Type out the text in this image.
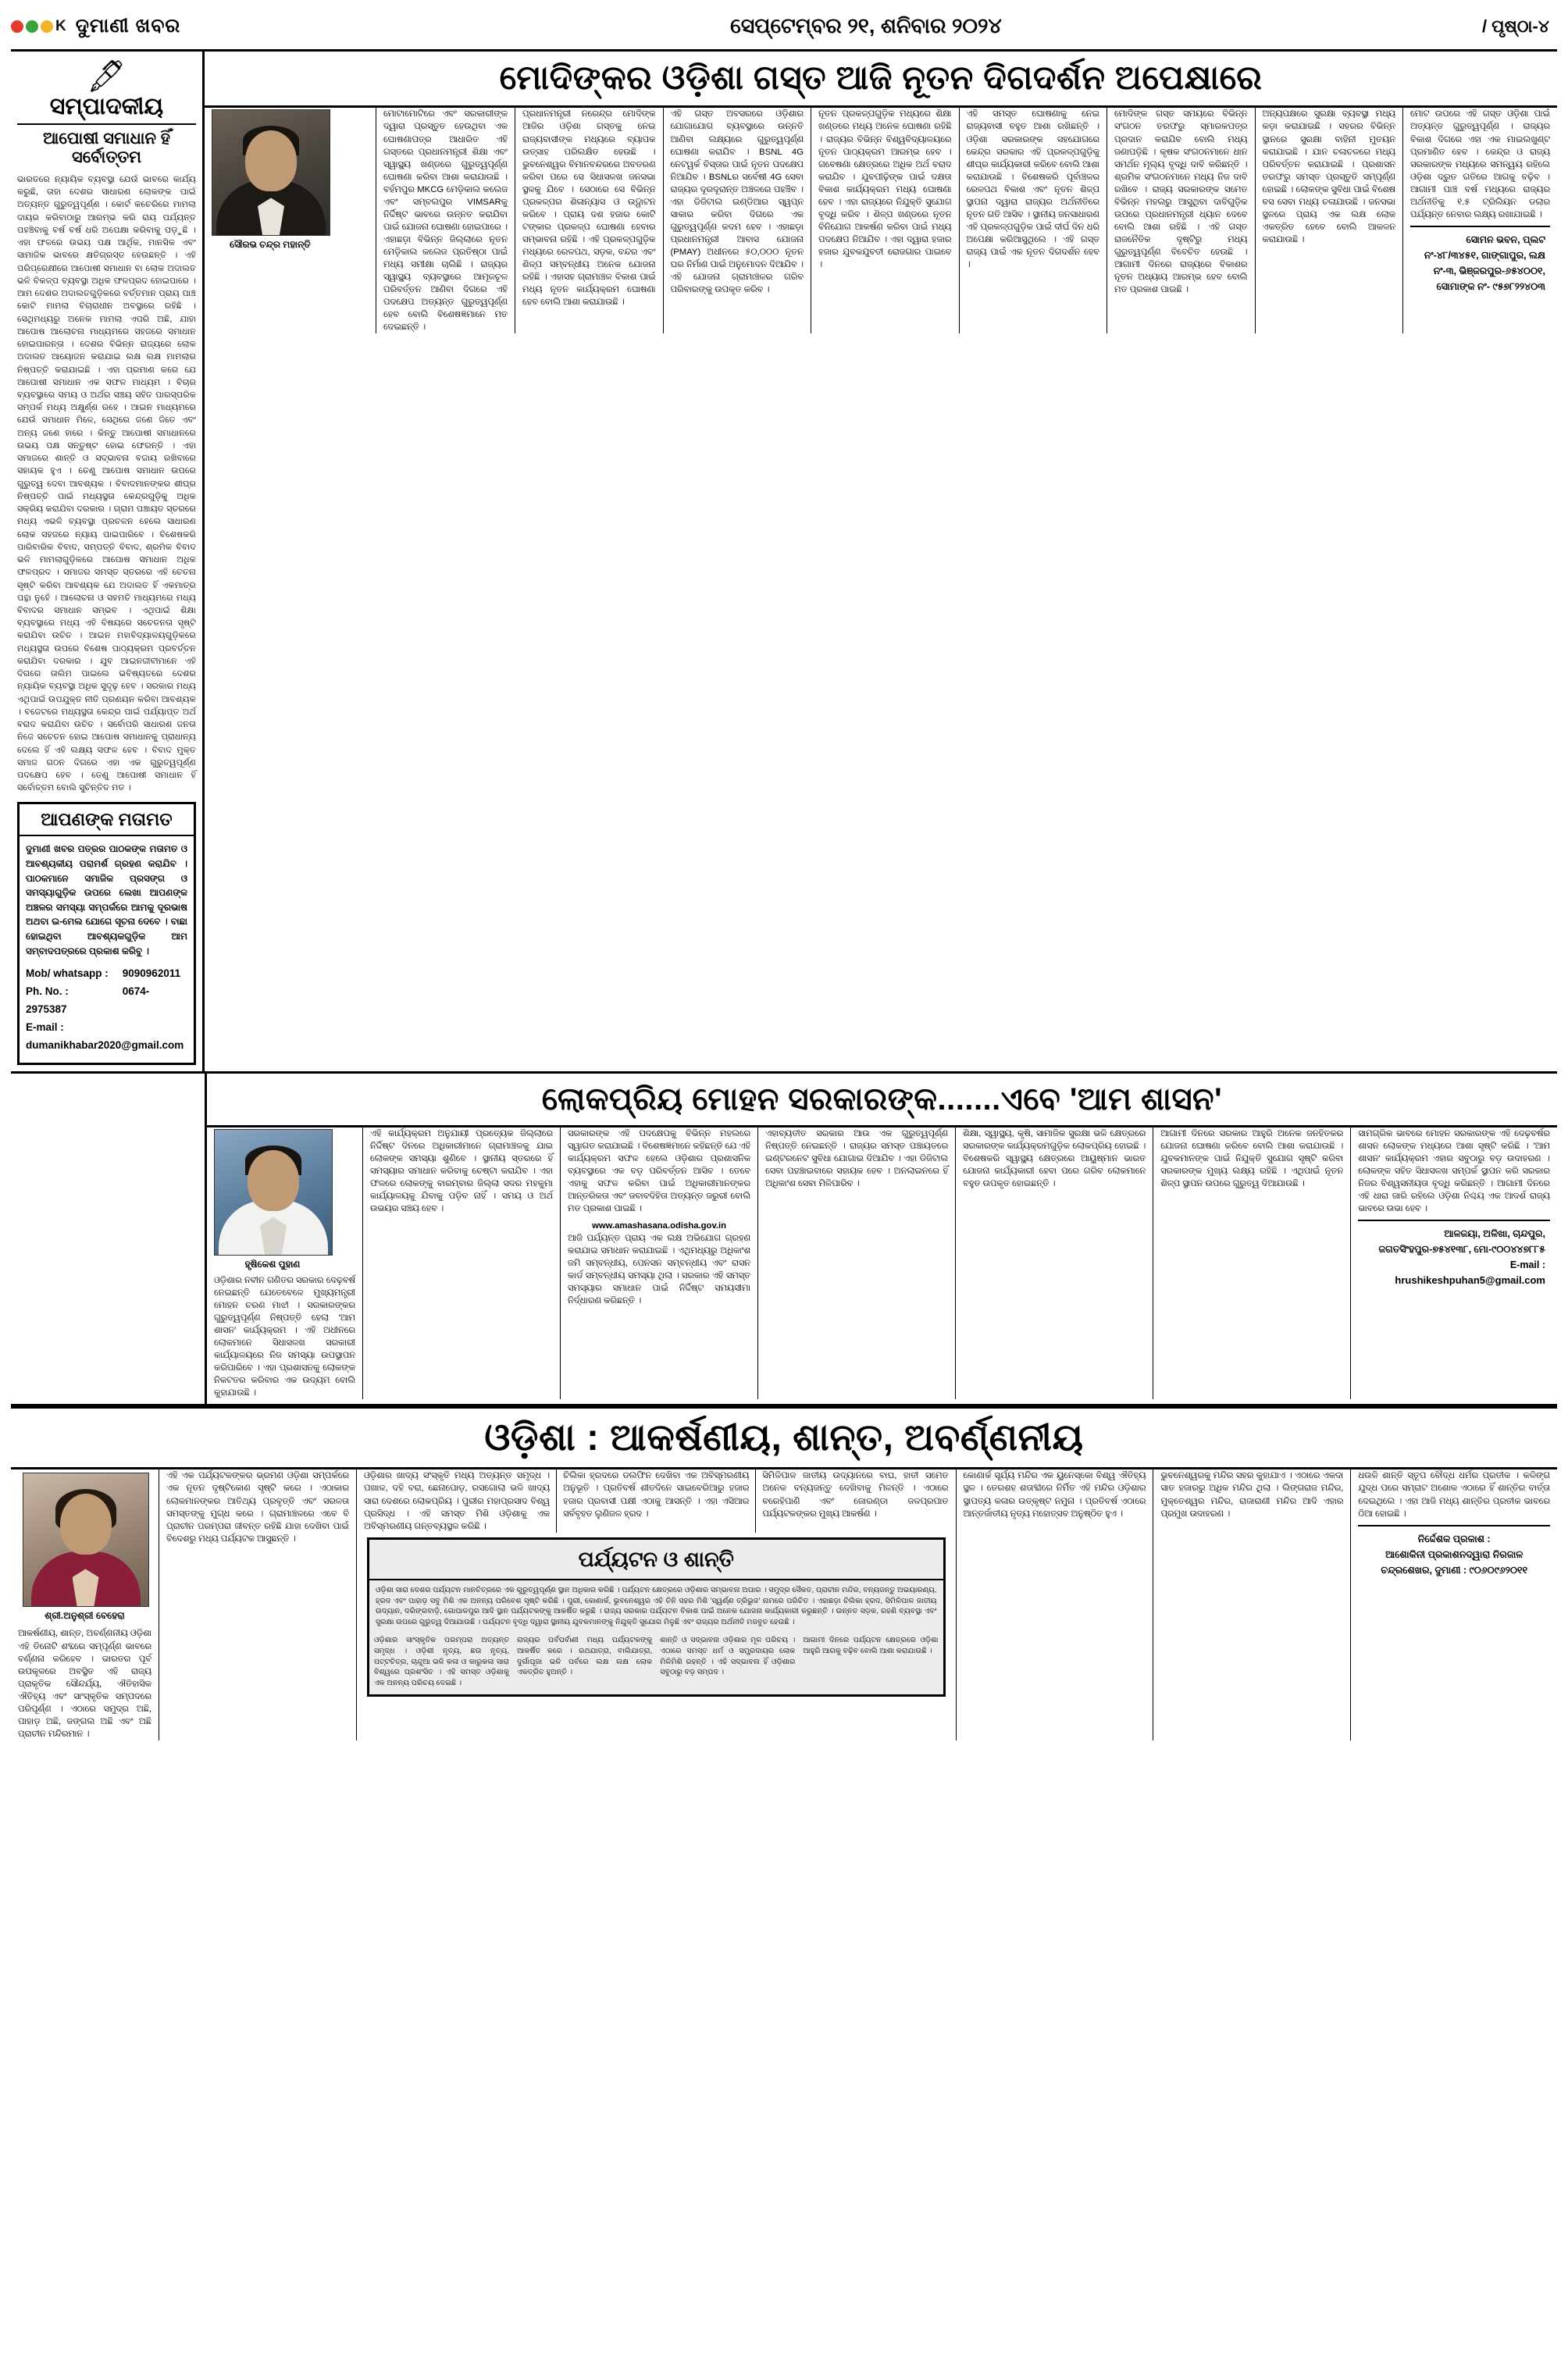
K ଦୁମାଣୀ ଖବର	ସେପ୍ଟେମ୍ବର ୨୧, ଶନିବାର ୨୦୨୪	/ ପୃଷ୍ଠା-୪
🖋
ସମ୍ପାଦକୀୟ
ଆପୋଷୀ ସମାଧାନ ହିଁ ସର୍ବୋତ୍ତମ
ଭାରତରେ ନ୍ୟାୟିକ ବ୍ୟବସ୍ଥା ଯେଉଁ ଭାବରେ କାର୍ଯ୍ୟ କରୁଛି, ତାହା ଦେଶର ସାଧାରଣ ଲୋକଙ୍କ ପାଇଁ ଅତ୍ୟନ୍ତ ଗୁରୁତ୍ୱପୂର୍ଣ୍ଣ । କୋର୍ଟ କଚେରିରେ ମାମଲା ଦାୟର କରିବାଠାରୁ ଆରମ୍ଭ କରି ରାୟ ପର୍ଯ୍ୟନ୍ତ ପହଞ୍ଚିବାକୁ ବର୍ଷ ବର୍ଷ ଧରି ଅପେକ୍ଷା କରିବାକୁ ପଡ଼ୁଛି । ଏହା ଫଳରେ ଉଭୟ ପକ୍ଷ ଆର୍ଥିକ, ମାନସିକ ଏବଂ ସାମାଜିକ ଭାବରେ କ୍ଷତିଗ୍ରସ୍ତ ହେଉଛନ୍ତି । ଏହି ପରିପ୍ରେକ୍ଷୀରେ ଆପୋଷୀ ସମାଧାନ ବା ଲୋକ ଅଦାଲତ ଭଳି ବିକଳ୍ପ ବ୍ୟବସ୍ଥା ଅଧିକ ଫଳପ୍ରଦ ହୋଇପାରେ । ଆମ ଦେଶର ଅଦାଲତଗୁଡ଼ିକରେ ବର୍ତ୍ତମାନ ପ୍ରାୟ ପାଞ୍ଚ କୋଟି ମାମଲା ବିଚାରାଧୀନ ଅବସ୍ଥାରେ ରହିଛି । ସେଥିମଧ୍ୟରୁ ଅନେକ ମାମଲା ଏପରି ଅଛି, ଯାହା ଆପୋଷ ଆଲୋଚନା ମାଧ୍ୟମରେ ସହଜରେ ସମାଧାନ ହୋଇପାରନ୍ତା । ଦେଶର ବିଭିନ୍ନ ରାଜ୍ୟରେ ଲୋକ ଅଦାଲତ ଆୟୋଜନ କରାଯାଇ ଲକ୍ଷ ଲକ୍ଷ ମାମଲାର ନିଷ୍ପତ୍ତି କରାଯାଇଛି । ଏହା ପ୍ରମାଣ କରେ ଯେ ଆପୋଷୀ ସମାଧାନ ଏକ ସଫଳ ମାଧ୍ୟମ । ବିଚାର ବ୍ୟବସ୍ଥାରେ ସମୟ ଓ ଅର୍ଥର ସଞ୍ଚୟ ସହିତ ପାରସ୍ପରିକ ସମ୍ପର୍କ ମଧ୍ୟ ଅକ୍ଷୁର୍ଣ୍ଣ ରହେ । ଆଇନ ମାଧ୍ୟମରେ ଯେଉଁ ସମାଧାନ ମିଳେ, ସେଥିରେ ଜଣେ ଜିତେ ଏବଂ ଅନ୍ୟ ଜଣେ ହାରେ । କିନ୍ତୁ ଆପୋଷୀ ସମାଧାନରେ ଉଭୟ ପକ୍ଷ ସନ୍ତୁଷ୍ଟ ହୋଇ ଫେରନ୍ତି । ଏହା ସମାଜରେ ଶାନ୍ତି ଓ ସଦ୍ଭାବନା ବଜାୟ ରଖିବାରେ ସହାୟକ ହୁଏ । ତେଣୁ ଆପୋଷ ସମାଧାନ ଉପରେ ଗୁରୁତ୍ୱ ଦେବା ଆବଶ୍ୟକ । ବିବାଦମାନଙ୍କର ଶୀଘ୍ର ନିଷ୍ପତ୍ତି ପାଇଁ ମଧ୍ୟସ୍ଥତା କେନ୍ଦ୍ରଗୁଡ଼ିକୁ ଅଧିକ ସକ୍ରିୟ କରାଯିବା ଦରକାର । ଗ୍ରାମ ପଞ୍ଚାୟତ ସ୍ତରରେ ମଧ୍ୟ ଏଭଳି ବ୍ୟବସ୍ଥା ପ୍ରଚଳନ ହେଲେ ସାଧାରଣ ଲୋକ ସହଜରେ ନ୍ୟାୟ ପାଇପାରିବେ । ବିଶେଷକରି ପାରିବାରିକ ବିବାଦ, ସମ୍ପତ୍ତି ବିବାଦ, ଶ୍ରମିକ ବିବାଦ ଭଳି ମାମଲାଗୁଡ଼ିକରେ ଆପୋଷ ସମାଧାନ ଅଧିକ ଫଳପ୍ରଦ । ସମାଜର ସମସ୍ତ ସ୍ତରରେ ଏହି ଚେତନା ସୃଷ୍ଟି କରିବା ଆବଶ୍ୟକ ଯେ ଅଦାଲତ ହିଁ ଏକମାତ୍ର ପନ୍ଥା ନୁହେଁ । ଆଲୋଚନା ଓ ସହମତି ମାଧ୍ୟମରେ ମଧ୍ୟ ବିବାଦର ସମାଧାନ ସମ୍ଭବ । ଏଥିପାଇଁ ଶିକ୍ଷା ବ୍ୟବସ୍ଥାରେ ମଧ୍ୟ ଏହି ବିଷୟରେ ସଚେତନତା ସୃଷ୍ଟି କରାଯିବା ଉଚିତ । ଆଇନ ମହାବିଦ୍ୟାଳୟଗୁଡ଼ିକରେ ମଧ୍ୟସ୍ଥତା ଉପରେ ବିଶେଷ ପାଠ୍ୟକ୍ରମ ପ୍ରବର୍ତ୍ତନ କରାଯିବା ଦରକାର । ଯୁବ ଆଇନଜୀବୀମାନେ ଏହି ଦିଗରେ ତାଲିମ ପାଇଲେ ଭବିଷ୍ୟତରେ ଦେଶର ନ୍ୟାୟିକ ବ୍ୟବସ୍ଥା ଅଧିକ ସୁଦୃଢ଼ ହେବ । ସରକାର ମଧ୍ୟ ଏଥିପାଇଁ ଉପଯୁକ୍ତ ନୀତି ପ୍ରଣୟନ କରିବା ଆବଶ୍ୟକ । ବଜେଟରେ ମଧ୍ୟସ୍ଥତା କେନ୍ଦ୍ର ପାଇଁ ପର୍ଯ୍ୟାପ୍ତ ଅର୍ଥ ବରାଦ କରାଯିବା ଉଚିତ । ସର୍ବୋପରି ସାଧାରଣ ଜନତା ନିଜେ ସଚେତନ ହୋଇ ଆପୋଷ ସମାଧାନକୁ ପ୍ରାଧାନ୍ୟ ଦେଲେ ହିଁ ଏହି ଲକ୍ଷ୍ୟ ସଫଳ ହେବ । ବିବାଦ ମୁକ୍ତ ସମାଜ ଗଠନ ଦିଗରେ ଏହା ଏକ ଗୁରୁତ୍ୱପୂର୍ଣ୍ଣ ପଦକ୍ଷେପ ହେବ । ତେଣୁ ଆପୋଷୀ ସମାଧାନ ହିଁ ସର୍ବୋତ୍ତମ ବୋଲି ସୁଚିନ୍ତିତ ମତ ।
ଆପଣଙ୍କ ମତାମତ
ଦୁମାଣୀ ଖବର ପତ୍ରର ପାଠକଙ୍କ ମତାମତ ଓ ଆବଶ୍ୟକୀୟ ପରାମର୍ଶ ଗ୍ରହଣ କରାଯିବ । ପାଠକମାନେ ସମାଜିକ ପ୍ରସଙ୍ଗ ଓ ସମସ୍ୟାଗୁଡ଼ିକ ଉପରେ ଲେଖା ଆପଣଙ୍କ ଅଞ୍ଚଳର ସମସ୍ୟା ସମ୍ପର୍କରେ ଆମକୁ ଦୂରଭାଷ ଅଥବା ଇ-ମେଲ ଯୋଗେ ସୂଚନା ଦେବେ । ବାଛା ହୋଇଥିବା ଆବଶ୍ୟକଗୁଡ଼ିକ ଆମ ସମ୍ବାଦପତ୍ରରେ ପ୍ରକାଶ କରିବୁ ।
Mob/ whatsapp : 9090962011
Ph. No. :	0674-2975387
E-mail : dumanikhabar2020@gmail.com
ମୋଦିଙ୍କର ଓଡ଼ିଶା ଗସ୍ତ ଆଜି ନୂତନ ଦିଗଦର୍ଶନ ଅପେକ୍ଷାରେ
ସୌରଭ ଚନ୍ଦ୍ର ମହାନ୍ତି
ମୋଟାମୋଟିରେ ଏବଂ ସରକାରୀଙ୍କ ଦ୍ୱାରା ପ୍ରସ୍ତୁତ ହେଉଥିବା ଏକ ଘୋଷଣାପତ୍ର ଆଧାରିତ ଏହି ଗସ୍ତରେ ପ୍ରଧାନମନ୍ତ୍ରୀ ଶିକ୍ଷା ଏବଂ ସ୍ୱାସ୍ଥ୍ୟ ଖଣ୍ଡରେ ଗୁରୁତ୍ୱପୂର୍ଣ୍ଣ ଘୋଷଣା କରିବା ଆଶା କରାଯାଉଛି । ବର୍ହମପୁର MKCG ମେଡ଼ିକାଲ କଲେଜ ଏବଂ ସମ୍ବଲପୁର VIMSARକୁ ନିର୍ଦ୍ଦିଷ୍ଟ ଭାବରେ ଉନ୍ନତ କରାଯିବା ପାଇଁ ଯୋଜନା ଘୋଷଣା ହୋଇପାରେ । ଏହାଛଡ଼ା ବିଭିନ୍ନ ଜିଲ୍ଲାରେ ନୂତନ ମେଡ଼ିକାଲ କଲେଜ ପ୍ରତିଷ୍ଠା ପାଇଁ ମଧ୍ୟ ସମୀକ୍ଷା ଚାଲିଛି । ରାଜ୍ୟର ସ୍ୱାସ୍ଥ୍ୟ ବ୍ୟବସ୍ଥାରେ ଆମୂଳଚୂଳ ପରିବର୍ତ୍ତନ ଆଣିବା ଦିଗରେ ଏହି ପଦକ୍ଷେପ ଅତ୍ୟନ୍ତ ଗୁରୁତ୍ୱପୂର୍ଣ୍ଣ ହେବ ବୋଲି ବିଶେଷଜ୍ଞମାନେ ମତ ଦେଇଛନ୍ତି ।
ପ୍ରଧାନମନ୍ତ୍ରୀ ନରେନ୍ଦ୍ର ମୋଦିଙ୍କ ଆଜିର ଓଡ଼ିଶା ଗସ୍ତକୁ ନେଇ ରାଜ୍ୟବାସୀଙ୍କ ମଧ୍ୟରେ ବ୍ୟାପକ ଉତ୍ସାହ ପରିଲକ୍ଷିତ ହେଉଛି । ଭୁବନେଶ୍ୱର ବିମାନବନ୍ଦରରେ ଅବତରଣ କରିବା ପରେ ସେ ସିଧାସଳଖ ଜନସଭା ସ୍ଥଳକୁ ଯିବେ । ସେଠାରେ ସେ ବିଭିନ୍ନ ପ୍ରକଳ୍ପର ଶିଳାନ୍ୟାସ ଓ ଉଦ୍ଘାଟନ କରିବେ । ପ୍ରାୟ ଦଶ ହଜାର କୋଟି ଟଙ୍କାର ପ୍ରକଳ୍ପ ଘୋଷଣା ହେବାର ସମ୍ଭାବନା ରହିଛି । ଏହି ପ୍ରକଳ୍ପଗୁଡ଼ିକ ମଧ୍ୟରେ ରେଳପଥ, ସଡ଼କ, ବନ୍ଦର ଏବଂ ଶିଳ୍ପ ସମ୍ବନ୍ଧୀୟ ଅନେକ ଯୋଜନା ରହିଛି । ଏହାସହ ଗ୍ରାମାଞ୍ଚଳ ବିକାଶ ପାଇଁ ମଧ୍ୟ ନୂତନ କାର୍ଯ୍ୟକ୍ରମ ଘୋଷଣା ହେବ ବୋଲି ଆଶା କରାଯାଉଛି ।
ଏହି ଗସ୍ତ ଅବସରରେ ଓଡ଼ିଶାର ଯୋଗାଯୋଗ ବ୍ୟବସ୍ଥାରେ ଉନ୍ନତି ଆଣିବା ଲକ୍ଷ୍ୟରେ ଗୁରୁତ୍ୱପୂର୍ଣ୍ଣ ଘୋଷଣା କରାଯିବ । BSNL 4G ନେଟୱର୍କ ବିସ୍ତାର ପାଇଁ ନୂତନ ପଦକ୍ଷେପ ନିଆଯିବ । BSNLର ସର୍ବେଷୀ 4G ସେବା ରାଜ୍ୟର ଦୂରଦୂରାନ୍ତ ଅଞ୍ଚଳରେ ପହଞ୍ଚିବ । ଏହା ଡିଜିଟାଲ ଇଣ୍ଡିଆର ସ୍ୱପ୍ନ ସାକାର କରିବା ଦିଗରେ ଏକ ଗୁରୁତ୍ୱପୂର୍ଣ୍ଣ କଦମ ହେବ । ଏହାଛଡ଼ା ପ୍ରଧାନମନ୍ତ୍ରୀ ଆବାସ ଯୋଜନା (PMAY) ଅଧୀନରେ ୫୦,୦୦୦ ନୂତନ ଘର ନିର୍ମାଣ ପାଇଁ ଅନୁମୋଦନ ଦିଆଯିବ । ଏହି ଯୋଜନା ଗ୍ରାମାଞ୍ଚଳର ଗରିବ ପରିବାରଙ୍କୁ ଉପକୃତ କରିବ ।
ନୂତନ ପ୍ରକଳ୍ପଗୁଡ଼ିକ ମଧ୍ୟରେ ଶିକ୍ଷା ଖଣ୍ଡରେ ମଧ୍ୟ ଅନେକ ଘୋଷଣା ରହିଛି । ରାଜ୍ୟର ବିଭିନ୍ନ ବିଶ୍ୱବିଦ୍ୟାଳୟରେ ନୂତନ ପାଠ୍ୟକ୍ରମ ଆରମ୍ଭ ହେବ । ଗବେଷଣା କ୍ଷେତ୍ରରେ ଅଧିକ ଅର୍ଥ ବରାଦ କରାଯିବ । ଯୁବପୀଢ଼ିଙ୍କ ପାଇଁ ଦକ୍ଷତା ବିକାଶ କାର୍ଯ୍ୟକ୍ରମ ମଧ୍ୟ ଘୋଷଣା ହେବ । ଏହା ରାଜ୍ୟରେ ନିଯୁକ୍ତି ସୁଯୋଗ ବୃଦ୍ଧି କରିବ । ଶିଳ୍ପ ଖଣ୍ଡରେ ନୂତନ ବିନିଯୋଗ ଆକର୍ଷଣ କରିବା ପାଇଁ ମଧ୍ୟ ପଦକ୍ଷେପ ନିଆଯିବ । ଏହା ଦ୍ୱାରା ହଜାର ହଜାର ଯୁବକଯୁବତୀ ରୋଜଗାର ପାଇବେ ।
ଏହି ସମସ୍ତ ଘୋଷଣାକୁ ନେଇ ରାଜ୍ୟବାସୀ ବହୁତ ଆଶା ରଖିଛନ୍ତି । ଓଡ଼ିଶା ସରକାରଙ୍କ ସହଯୋଗରେ କେନ୍ଦ୍ର ସରକାର ଏହି ପ୍ରକଳ୍ପଗୁଡ଼ିକୁ ଶୀଘ୍ର କାର୍ଯ୍ୟକାରୀ କରିବେ ବୋଲି ଆଶା କରାଯାଉଛି । ବିଶେଷକରି ପୂର୍ବାଞ୍ଚଳର ରେଳପଥ ବିକାଶ ଏବଂ ନୂତନ ଶିଳ୍ପ ସ୍ଥାପନା ଦ୍ୱାରା ରାଜ୍ୟର ଅର୍ଥନୀତିରେ ନୂତନ ଗତି ଆସିବ । ସ୍ଥାନୀୟ ଜନସାଧାରଣ ଏହି ପ୍ରକଳ୍ପଗୁଡ଼ିକ ପାଇଁ ଦୀର୍ଘ ଦିନ ଧରି ଅପେକ୍ଷା କରିଆସୁଥିଲେ । ଏହି ଗସ୍ତ ରାଜ୍ୟ ପାଇଁ ଏକ ନୂତନ ଦିଗଦର୍ଶନ ହେବ ।
ମୋଦିଙ୍କ ଗସ୍ତ ସମୟରେ ବିଭିନ୍ନ ସଂଗଠନ ତରଫରୁ ସ୍ମାରକପତ୍ର ପ୍ରଦାନ କରାଯିବ ବୋଲି ମଧ୍ୟ ଜଣାପଡ଼ିଛି । କୃଷକ ସଂଗଠନମାନେ ଧାନ ସମର୍ଥନ ମୂଲ୍ୟ ବୃଦ୍ଧି ଦାବି କରିଛନ୍ତି । ଶ୍ରମିକ ସଂଗଠନମାନେ ମଧ୍ୟ ନିଜ ଦାବି ରଖିବେ । ରାଜ୍ୟ ସରକାରଙ୍କ ସମେତ ବିଭିନ୍ନ ମହଲରୁ ଆସୁଥିବା ଦାବିଗୁଡ଼ିକ ଉପରେ ପ୍ରଧାନମନ୍ତ୍ରୀ ଧ୍ୟାନ ଦେବେ ବୋଲି ଆଶା ରହିଛି । ଏହି ଗସ୍ତ ରାଜନୈତିକ ଦୃଷ୍ଟିରୁ ମଧ୍ୟ ଗୁରୁତ୍ୱପୂର୍ଣ୍ଣ ବିବେଚିତ ହେଉଛି । ଆଗାମୀ ଦିନରେ ରାଜ୍ୟରେ ବିକାଶର ନୂତନ ଅଧ୍ୟାୟ ଆରମ୍ଭ ହେବ ବୋଲି ମତ ପ୍ରକାଶ ପାଇଛି ।
ଅନ୍ୟପକ୍ଷରେ ସୁରକ୍ଷା ବ୍ୟବସ୍ଥା ମଧ୍ୟ କଡ଼ା କରାଯାଇଛି । ସହରର ବିଭିନ୍ନ ସ୍ଥାନରେ ସୁରକ୍ଷା ବାହିନୀ ମୁତୟନ କରାଯାଇଛି । ଯାନ ଚଳାଚଳରେ ମଧ୍ୟ ପରିବର୍ତ୍ତନ କରାଯାଇଛି । ପ୍ରଶାସନ ତରଫରୁ ସମସ୍ତ ପ୍ରସ୍ତୁତି ସମ୍ପୂର୍ଣ୍ଣ ହୋଇଛି । ଲୋକଙ୍କ ସୁବିଧା ପାଇଁ ବିଶେଷ ବସ ସେବା ମଧ୍ୟ ଚଳାଯାଉଛି । ଜନସଭା ସ୍ଥଳରେ ପ୍ରାୟ ଏକ ଲକ୍ଷ ଲୋକ ଏକତ୍ରିତ ହେବେ ବୋଲି ଆକଳନ କରାଯାଉଛି ।
ମୋଟ ଉପରେ ଏହି ଗସ୍ତ ଓଡ଼ିଶା ପାଇଁ ଅତ୍ୟନ୍ତ ଗୁରୁତ୍ୱପୂର୍ଣ୍ଣ । ରାଜ୍ୟର ବିକାଶ ଦିଗରେ ଏହା ଏକ ମାଇଲଖୁଣ୍ଟ ପ୍ରମାଣିତ ହେବ । କେନ୍ଦ୍ର ଓ ରାଜ୍ୟ ସରକାରଙ୍କ ମଧ୍ୟରେ ସମନ୍ୱୟ ରହିଲେ ଓଡ଼ିଶା ଦ୍ରୁତ ଗତିରେ ଆଗକୁ ବଢ଼ିବ । ଆଗାମୀ ପାଞ୍ଚ ବର୍ଷ ମଧ୍ୟରେ ରାଜ୍ୟର ଅର୍ଥନୀତିକୁ ୧.୫ ଟ୍ରିଲିୟନ ଡଲାର ପର୍ଯ୍ୟନ୍ତ ନେବାର ଲକ୍ଷ୍ୟ ରଖାଯାଇଛି ।
ସୋମନ ଭବନ, ପ୍ଲଟ ନଂ-୪୮/୩୪୫୧, ଗାଙ୍ଗାପୁର, ଲକ୍ଷ ନଂ-୩, ଭିଞ୍ଜରପୁର-୬୫୪୦୦୧, ସୋମାଙ୍କ ନଂ- ୯୫୭୮୨୨୪୦୩
ଲୋକପ୍ରିୟ ମୋହନ ସରକାରଙ୍କ.......ଏବେ 'ଆମ ଶାସନ'
ହୃଷିକେଶ ପୁହାଣ
ଓଡ଼ିଶାର ନବୀନ ଗଣିତର ସରକାର ଦେଢ଼ବର୍ଷ ନେଇଛନ୍ତି ଯେତେବେଳେ ମୁଖ୍ୟମନ୍ତ୍ରୀ ମୋହନ ଚରଣ ମାଝୀ । ସରକାରଙ୍କର ଗୁରୁତ୍ୱପୂର୍ଣ୍ଣ ନିଷ୍ପତ୍ତି ହେଲା 'ଆମ ଶାସନ' କାର୍ଯ୍ୟକ୍ରମ । ଏହି ଅଧୀନରେ ଲୋକମାନେ ସିଧାସଳଖ ସରକାରୀ କାର୍ଯ୍ୟାଳୟରେ ନିଜ ସମସ୍ୟା ଉପସ୍ଥାପନ କରିପାରିବେ । ଏହା ପ୍ରଶାସନକୁ ଲୋକଙ୍କ ନିକଟତର କରିବାର ଏକ ଉଦ୍ୟମ ବୋଲି କୁହାଯାଉଛି ।
ଏହି କାର୍ଯ୍ୟକ୍ରମ ଅନୁଯାୟୀ ପ୍ରତ୍ୟେକ ଜିଲ୍ଲାରେ ନିର୍ଦ୍ଦିଷ୍ଟ ଦିନରେ ଅଧିକାରୀମାନେ ଗ୍ରାମାଞ୍ଚଳକୁ ଯାଇ ଲୋକଙ୍କ ସମସ୍ୟା ଶୁଣିବେ । ସ୍ଥାନୀୟ ସ୍ତରରେ ହିଁ ସମସ୍ୟାର ସମାଧାନ କରିବାକୁ ଚେଷ୍ଟା କରାଯିବ । ଏହା ଫଳରେ ଲୋକଙ୍କୁ ବାରମ୍ବାର ଜିଲ୍ଲା ସଦର ମହକୁମା କାର୍ଯ୍ୟାଳୟକୁ ଯିବାକୁ ପଡ଼ିବ ନାହିଁ । ସମୟ ଓ ଅର୍ଥ ଉଭୟର ସଞ୍ଚୟ ହେବ ।
ସରକାରଙ୍କ ଏହି ପଦକ୍ଷେପକୁ ବିଭିନ୍ନ ମହଲରେ ସ୍ୱାଗତ କରାଯାଇଛି । ବିଶେଷଜ୍ଞମାନେ କହିଛନ୍ତି ଯେ ଏହି କାର୍ଯ୍ୟକ୍ରମ ସଫଳ ହେଲେ ଓଡ଼ିଶାର ପ୍ରଶାସନିକ ବ୍ୟବସ୍ଥାରେ ଏକ ବଡ଼ ପରିବର୍ତ୍ତନ ଆସିବ । ତେବେ ଏହାକୁ ସଫଳ କରିବା ପାଇଁ ଅଧିକାରୀମାନଙ୍କର ଆନ୍ତରିକତା ଏବଂ ଜବାବଦିହିତା ଅତ୍ୟନ୍ତ ଜରୁରୀ ବୋଲି ମତ ପ୍ରକାଶ ପାଇଛି ।
www.amashasana.odisha.gov.in
ଆଜି ପର୍ଯ୍ୟନ୍ତ ପ୍ରାୟ ଏକ ଲକ୍ଷ ଅଭିଯୋଗ ଗ୍ରହଣ କରାଯାଇ ସମାଧାନ କରାଯାଇଛି । ଏଥିମଧ୍ୟରୁ ଅଧିକାଂଶ ଜମି ସମ୍ବନ୍ଧୀୟ, ପେନସନ ସମ୍ବନ୍ଧୀୟ ଏବଂ ରାସନ କାର୍ଡ ସମ୍ବନ୍ଧୀୟ ସମସ୍ୟା ଥିଲା । ସରକାର ଏହି ସମସ୍ତ ସମସ୍ୟାର ସମାଧାନ ପାଇଁ ନିର୍ଦ୍ଦିଷ୍ଟ ସମୟସୀମା ନିର୍ଦ୍ଧାରଣ କରିଛନ୍ତି ।
ଏହାବ୍ୟତୀତ ସରକାର ଆଉ ଏକ ଗୁରୁତ୍ୱପୂର୍ଣ୍ଣ ନିଷ୍ପତ୍ତି ନେଇଛନ୍ତି । ରାଜ୍ୟର ସମସ୍ତ ପଞ୍ଚାୟତରେ ଇଣ୍ଟରନେଟ ସୁବିଧା ଯୋଗାଇ ଦିଆଯିବ । ଏହା ଡିଜିଟାଲ ସେବା ପହଞ୍ଚାଇବାରେ ସହାୟକ ହେବ । ଅନଲାଇନରେ ହିଁ ଅଧିକାଂଶ ସେବା ମିଳିପାରିବ ।
ଶିକ୍ଷା, ସ୍ୱାସ୍ଥ୍ୟ, କୃଷି, ସାମାଜିକ ସୁରକ୍ଷା ଭଳି କ୍ଷେତ୍ରରେ ସରକାରଙ୍କ କାର୍ଯ୍ୟକ୍ରମଗୁଡ଼ିକ ଲୋକପ୍ରିୟ ହୋଇଛି । ବିଶେଷକରି ସ୍ୱାସ୍ଥ୍ୟ କ୍ଷେତ୍ରରେ ଆୟୁଷ୍ମାନ ଭାରତ ଯୋଜନା କାର୍ଯ୍ୟକାରୀ ହେବା ପରେ ଗରିବ ଲୋକମାନେ ବହୁତ ଉପକୃତ ହୋଇଛନ୍ତି ।
ଆଗାମୀ ଦିନରେ ସରକାର ଆହୁରି ଅନେକ ଜନହିତକର ଯୋଜନା ଘୋଷଣା କରିବେ ବୋଲି ଆଶା କରାଯାଉଛି । ଯୁବକମାନଙ୍କ ପାଇଁ ନିଯୁକ୍ତି ସୁଯୋଗ ସୃଷ୍ଟି କରିବା ସରକାରଙ୍କ ମୁଖ୍ୟ ଲକ୍ଷ୍ୟ ରହିଛି । ଏଥିପାଇଁ ନୂତନ ଶିଳ୍ପ ସ୍ଥାପନ ଉପରେ ଗୁରୁତ୍ୱ ଦିଆଯାଉଛି ।
ସାମଗ୍ରିକ ଭାବରେ ମୋହନ ସରକାରଙ୍କ ଏହି ଦେଢ଼ବର୍ଷର ଶାସନ ଲୋକଙ୍କ ମଧ୍ୟରେ ଆଶା ସୃଷ୍ଟି କରିଛି । 'ଆମ ଶାସନ' କାର୍ଯ୍ୟକ୍ରମ ଏହାର ସବୁଠାରୁ ବଡ଼ ଉଦାହରଣ । ଲୋକଙ୍କ ସହିତ ସିଧାସଳଖ ସମ୍ପର୍କ ସ୍ଥାପନ କରି ସରକାର ନିଜର ବିଶ୍ୱସନୀୟତା ବୃଦ୍ଧି କରିଛନ୍ତି । ଆଗାମୀ ଦିନରେ ଏହି ଧାରା ଜାରି ରହିଲେ ଓଡ଼ିଶା ନିଶ୍ଚୟ ଏକ ଆଦର୍ଶ ରାଜ୍ୟ ଭାବରେ ଉଭା ହେବ ।
ଆଳଜୟା, ଅଳିଖା, ଚାନ୍ଦପୁର, ଜଗତସିଂହପୁର-୭୫୪୧୩୮, ମୋ-୯୦୦୪୪୭୮୮୫
E-mail :
hrushikeshpuhan5@gmail.com
ଓଡ଼ିଶା : ଆକର୍ଷଣୀୟ, ଶାନ୍ତ, ଅବର୍ଣ୍ଣନୀୟ
ଶ୍ରୀ.ଅନୁଶ୍ରୀ ବେହେରା
ଆକର୍ଷଣୀୟ, ଶାନ୍ତ, ଅବର୍ଣ୍ଣନୀୟ ଓଡ଼ିଶା ଏହି ତିନୋଟି ଶବ୍ଦରେ ସମ୍ପୂର୍ଣ୍ଣ ଭାବରେ ବର୍ଣ୍ଣନା କରିହେବ । ଭାରତର ପୂର୍ବ ଉପକୂଳରେ ଅବସ୍ଥିତ ଏହି ରାଜ୍ୟ ପ୍ରାକୃତିକ ସୌନ୍ଦର୍ଯ୍ୟ, ଐତିହାସିକ ଐତିହ୍ୟ ଏବଂ ସାଂସ୍କୃତିକ ସମ୍ପଦରେ ପରିପୂର୍ଣ୍ଣ । ଏଠାରେ ସମୁଦ୍ର ଅଛି, ପାହାଡ଼ ଅଛି, ଜଙ୍ଗଲ ଅଛି ଏବଂ ଅଛି ପ୍ରାଚୀନ ମନ୍ଦିରମାନ ।
ଏହି ଏକ ପର୍ଯ୍ୟଟକଙ୍କର ଭ୍ରମଣ ଓଡ଼ିଶା ସମ୍ପର୍କରେ ଏକ ନୂତନ ଦୃଷ୍ଟିକୋଣ ସୃଷ୍ଟି କରେ । ଏଠାକାର ଲୋକମାନଙ୍କର ଆତିଥ୍ୟ ପ୍ରବୃତ୍ତି ଏବଂ ସରଳତା ସମସ୍ତଙ୍କୁ ମୁଗ୍ଧ କରେ । ଗ୍ରାମାଞ୍ଚଳରେ ଏବେ ବି ପ୍ରାଚୀନ ପରମ୍ପରା ଜୀବନ୍ତ ରହିଛି ଯାହା ଦେଖିବା ପାଇଁ ବିଦେଶରୁ ମଧ୍ୟ ପର୍ଯ୍ୟଟକ ଆସୁଛନ୍ତି ।
ଓଡ଼ିଶାର ଖାଦ୍ୟ ସଂସ୍କୃତି ମଧ୍ୟ ଅତ୍ୟନ୍ତ ସମୃଦ୍ଧ । ପଖାଳ, ଦହି ବରା, ଛେନାପୋଡ଼, ରସଗୋଲା ଭଳି ଖାଦ୍ୟ ସାରା ଦେଶରେ ଲୋକପ୍ରିୟ । ପୁରୀର ମହାପ୍ରସାଦ ବିଶ୍ୱ ପ୍ରସିଦ୍ଧ । ଏହି ସମସ୍ତ ମିଶି ଓଡ଼ିଶାକୁ ଏକ ଅବିସ୍ମରଣୀୟ ଗନ୍ତବ୍ୟସ୍ଥଳ କରିଛି ।
ଚିଲିକା ହ୍ରଦରେ ଡଲଫିନ ଦେଖିବା ଏକ ଅବିସ୍ମରଣୀୟ ଅନୁଭୂତି । ପ୍ରତିବର୍ଷ ଶୀତଦିନେ ସାଇବେରିଆରୁ ହଜାର ହଜାର ପ୍ରବାସୀ ପକ୍ଷୀ ଏଠାକୁ ଆସନ୍ତି । ଏହା ଏସିଆର ସର୍ବବୃହତ ଲୁଣିଜଳ ହ୍ରଦ ।
ସିମିଳିପାଳ ଜାତୀୟ ଉଦ୍ୟାନରେ ବାଘ, ହାତୀ ସମେତ ଅନେକ ବନ୍ୟଜନ୍ତୁ ଦେଖିବାକୁ ମିଳନ୍ତି । ଏଠାରେ ବରେହିପାଣି ଏବଂ ଜୋରଣ୍ଡା ଜଳପ୍ରପାତ ପର୍ଯ୍ୟଟକଙ୍କର ମୁଖ୍ୟ ଆକର୍ଷଣ ।
ପର୍ଯ୍ୟଟନ ଓ ଶାନ୍ତି
ଓଡ଼ିଶା ସାରା ଦେଶର ପର୍ଯ୍ୟଟନ ମାନଚିତ୍ରରେ ଏକ ଗୁରୁତ୍ୱପୂର୍ଣ୍ଣ ସ୍ଥାନ ଅଧିକାର କରିଛି । ପର୍ଯ୍ୟଟନ କ୍ଷେତ୍ରରେ ଓଡ଼ିଶାର ସମ୍ଭାବନା ଅପାର । ସମୁଦ୍ର ସୈକତ, ପ୍ରାଚୀନ ମନ୍ଦିର, ବନ୍ୟଜନ୍ତୁ ଅଭୟାରଣ୍ୟ, ହ୍ରଦ ଏବଂ ପାହାଡ଼ ସବୁ ମିଶି ଏକ ଅନନ୍ୟ ପରିବେଶ ସୃଷ୍ଟି କରିଛି । ପୁରୀ, କୋଣାର୍କ, ଭୁବନେଶ୍ୱର ଏହି ତିନି ସହର ମିଶି 'ସ୍ୱର୍ଣ୍ଣ ତ୍ରିଭୁଜ' ନାମରେ ପରିଚିତ । ଏହାଛଡ଼ା ଚିଲିକା ହ୍ରଦ, ସିମିଳିପାଳ ଜାତୀୟ ଉଦ୍ୟାନ, ଦରିଙ୍ଗବାଡ଼ି, ଗୋପାଳପୁର ଆଦି ସ୍ଥାନ ପର୍ଯ୍ୟଟକଙ୍କୁ ଆକର୍ଷିତ କରୁଛି । ରାଜ୍ୟ ସରକାର ପର୍ଯ୍ୟଟନ ବିକାଶ ପାଇଁ ଅନେକ ଯୋଜନା କାର୍ଯ୍ୟକାରୀ କରୁଛନ୍ତି । ଉନ୍ନତ ସଡ଼କ, ରହଣି ବ୍ୟବସ୍ଥା ଏବଂ ସୁରକ୍ଷା ଉପରେ ଗୁରୁତ୍ୱ ଦିଆଯାଉଛି । ପର୍ଯ୍ୟଟନ ବୃଦ୍ଧି ଦ୍ୱାରା ସ୍ଥାନୀୟ ଯୁବକମାନଙ୍କୁ ନିଯୁକ୍ତି ସୁଯୋଗ ମିଳୁଛି ଏବଂ ରାଜ୍ୟର ଅର୍ଥନୀତି ମଜବୁତ ହେଉଛି ।
ଓଡ଼ିଶାର ସାଂସ୍କୃତିକ ପରମ୍ପରା ଅତ୍ୟନ୍ତ ସମୃଦ୍ଧ । ଓଡ଼ିଶୀ ନୃତ୍ୟ, ଛଉ ନୃତ୍ୟ, ପଟ୍ଟଚିତ୍ର, ଚାନ୍ଦୁଆ ଭଳି କଳା ଓ କାରୁକଳା ସାରା ବିଶ୍ୱରେ ପ୍ରଶଂସିତ । ଏହି ସମସ୍ତ ଓଡ଼ିଶାକୁ ଏକ ଅନନ୍ୟ ପରିଚୟ ଦେଇଛି ।
ରାଜ୍ୟର ପର୍ବପର୍ବାଣୀ ମଧ୍ୟ ପର୍ଯ୍ୟଟକଙ୍କୁ ଆକର୍ଷିତ କରେ । ରଥଯାତ୍ରା, ବାଲିଯାତ୍ରା, ଦୁର୍ଗାପୂଜା ଭଳି ପର୍ବରେ ଲକ୍ଷ ଲକ୍ଷ ଲୋକ ଏକତ୍ରିତ ହୁଅନ୍ତି ।
ଶାନ୍ତି ଓ ସଦ୍ଭାବନା ଓଡ଼ିଶାର ମୂଳ ପରିଚୟ । ଏଠାରେ ସମସ୍ତ ଧର୍ମ ଓ ସମ୍ପ୍ରଦାୟର ଲୋକ ମିଳିମିଶି ରହନ୍ତି । ଏହି ସଦ୍ଭାବନା ହିଁ ଓଡ଼ିଶାର ସବୁଠାରୁ ବଡ଼ ସମ୍ପଦ ।
ଆଗାମୀ ଦିନରେ ପର୍ଯ୍ୟଟନ କ୍ଷେତ୍ରରେ ଓଡ଼ିଶା ଆହୁରି ଆଗକୁ ବଢ଼ିବ ବୋଲି ଆଶା କରାଯାଉଛି ।
କୋଣାର୍କ ସୂର୍ଯ୍ୟ ମନ୍ଦିର ଏକ ୟୁନେସ୍କୋ ବିଶ୍ୱ ଐତିହ୍ୟ ସ୍ଥଳ । ତେରଶହ ଶତାବ୍ଦୀରେ ନିର୍ମିତ ଏହି ମନ୍ଦିର ଓଡ଼ିଶାର ସ୍ଥାପତ୍ୟ କଳାର ଉତ୍କୃଷ୍ଟ ନମୁନା । ପ୍ରତିବର୍ଷ ଏଠାରେ ଆନ୍ତର୍ଜାତୀୟ ନୃତ୍ୟ ମହୋତ୍ସବ ଅନୁଷ୍ଠିତ ହୁଏ ।
ଭୁବନେଶ୍ୱରକୁ ମନ୍ଦିର ସହର କୁହାଯାଏ । ଏଠାରେ ଏକଦା ସାତ ହଜାରରୁ ଅଧିକ ମନ୍ଦିର ଥିଲା । ଲିଙ୍ଗରାଜ ମନ୍ଦିର, ମୁକ୍ତେଶ୍ୱର ମନ୍ଦିର, ରାଜାରାଣୀ ମନ୍ଦିର ଆଦି ଏହାର ପ୍ରମୁଖ ଉଦାହରଣ ।
ଧଉଳି ଶାନ୍ତି ସ୍ତୂପ ବୌଦ୍ଧ ଧର୍ମର ପ୍ରତୀକ । କଳିଙ୍ଗ ଯୁଦ୍ଧ ପରେ ସମ୍ରାଟ ଅଶୋକ ଏଠାରେ ହିଁ ଶାନ୍ତିର ବାର୍ତ୍ତା ଦେଇଥିଲେ । ଏହା ଆଜି ମଧ୍ୟ ଶାନ୍ତିର ପ୍ରତୀକ ଭାବରେ ଠିଆ ହୋଇଛି ।
ନିର୍ଦ୍ଦେଶକ ପ୍ରକାଶ :
ଆଶୋକିନୀ ପ୍ରକାଶନଦ୍ୱାରା ନିରଜାଳ ଚନ୍ଦ୍ରଶେଖର, ଦୁମାଣୀ : ୯୦୬୦୯୬୨୦୧୧
